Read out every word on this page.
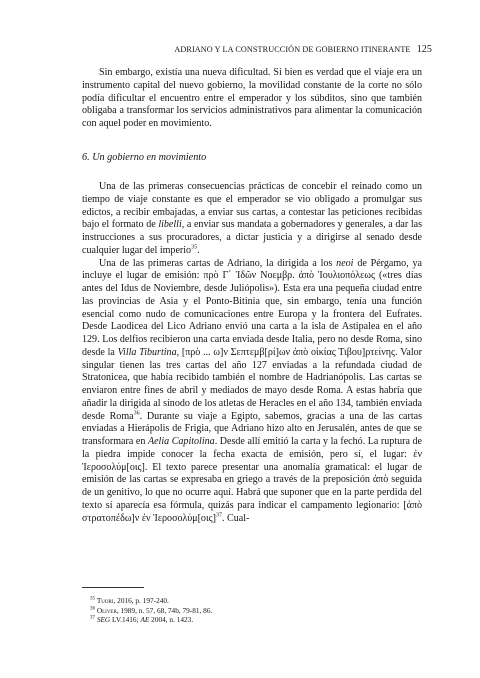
ADRIANO Y LA CONSTRUCCIÓN DE GOBIERNO ITINERANTE 125

Sin embargo, existía una nueva dificultad. Si bien es verdad que el viaje era un instrumento capital del nuevo gobierno, la movilidad constante de la corte no sólo podía dificultar el encuentro entre el emperador y los súbditos, sino que también obligaba a transformar los servicios administrativos para alimentar la comunicación con aquel poder en movimiento.

6. Un gobierno en movimiento

Una de las primeras consecuencias prácticas de concebir el reinado como un tiempo de viaje constante es que el emperador se vio obligado a promulgar sus edictos, a recibir embajadas, a enviar sus cartas, a contestar las peticiones recibidas bajo el formato de libelli, a enviar sus mandata a gobernadores y generales, a dar las instrucciones a sus procuradores, a dictar justicia y a dirigirse al senado desde cualquier lugar del imperio$^{35}$.

Una de las primeras cartas de Adriano, la dirigida a los neoi de Pérgamo, ya incluye el lugar de emisión: πρὸ Γ΄ Ἰδῶν Νοεμβρ. ἀπὸ Ἰουλιοπόλεως («tres días antes del Idus de Noviembre, desde Juliópolis»). Esta era una pequeña ciudad entre las provincias de Asia y el Ponto-Bitinia que, sin embargo, tenía una función esencial como nudo de comunicaciones entre Europa y la frontera del Eufrates. Desde Laodicea del Lico Adriano envió una carta a la isla de Astipalea en el año 129. Los delfios recibieron una carta enviada desde Italia, pero no desde Roma, sino desde la Villa Tiburtina, [πρὸ ... ω]ν Σεπτεμβ[ρί]ων ἀπὸ οἰκίας Τιβου]ρτείνης. Valor singular tienen las tres cartas del año 127 enviadas a la refundada ciudad de Stratonicea, que había recibido también el nombre de Hadrianópolis. Las cartas se enviaron entre fines de abril y mediados de mayo desde Roma. A estas habría que añadir la dirigida al sínodo de los atletas de Heracles en el año 134, también enviada desde Roma$^{36}$. Durante su viaje a Egipto, sabemos, gracias a una de las cartas enviadas a Hierápolis de Frigia, que Adriano hizo alto en Jerusalén, antes de que se transformara en Aelia Capitolina. Desde allí emitió la carta y la fechó. La ruptura de la piedra impide conocer la fecha exacta de emisión, pero sí, el lugar: ἐν Ἱεροσολύμ[οις]. El texto parece presentar una anomalía gramatical: el lugar de emisión de las cartas se expresaba en griego a través de la preposición ἀπὸ seguida de un genitivo, lo que no ocurre aquí. Habrá que suponer que en la parte perdida del texto sí aparecía esa fórmula, quizás para indicar el campamento legionario: [ἀπὸ στρατοπέδω]ν ἐν $Ἱ\varepsilon\rho o\sigma o\lambda ύ\mu[o\iota\varsigma]^{37}$. Cual-

$^{35}$ Tuori, 2016, p. 197-240.
$^{36}$ Oliver, 1989, n. 57, 68, 74b, 79-81, 86.
$^{37}$ SEG LV.1416; AE 2004, n. 1423.
